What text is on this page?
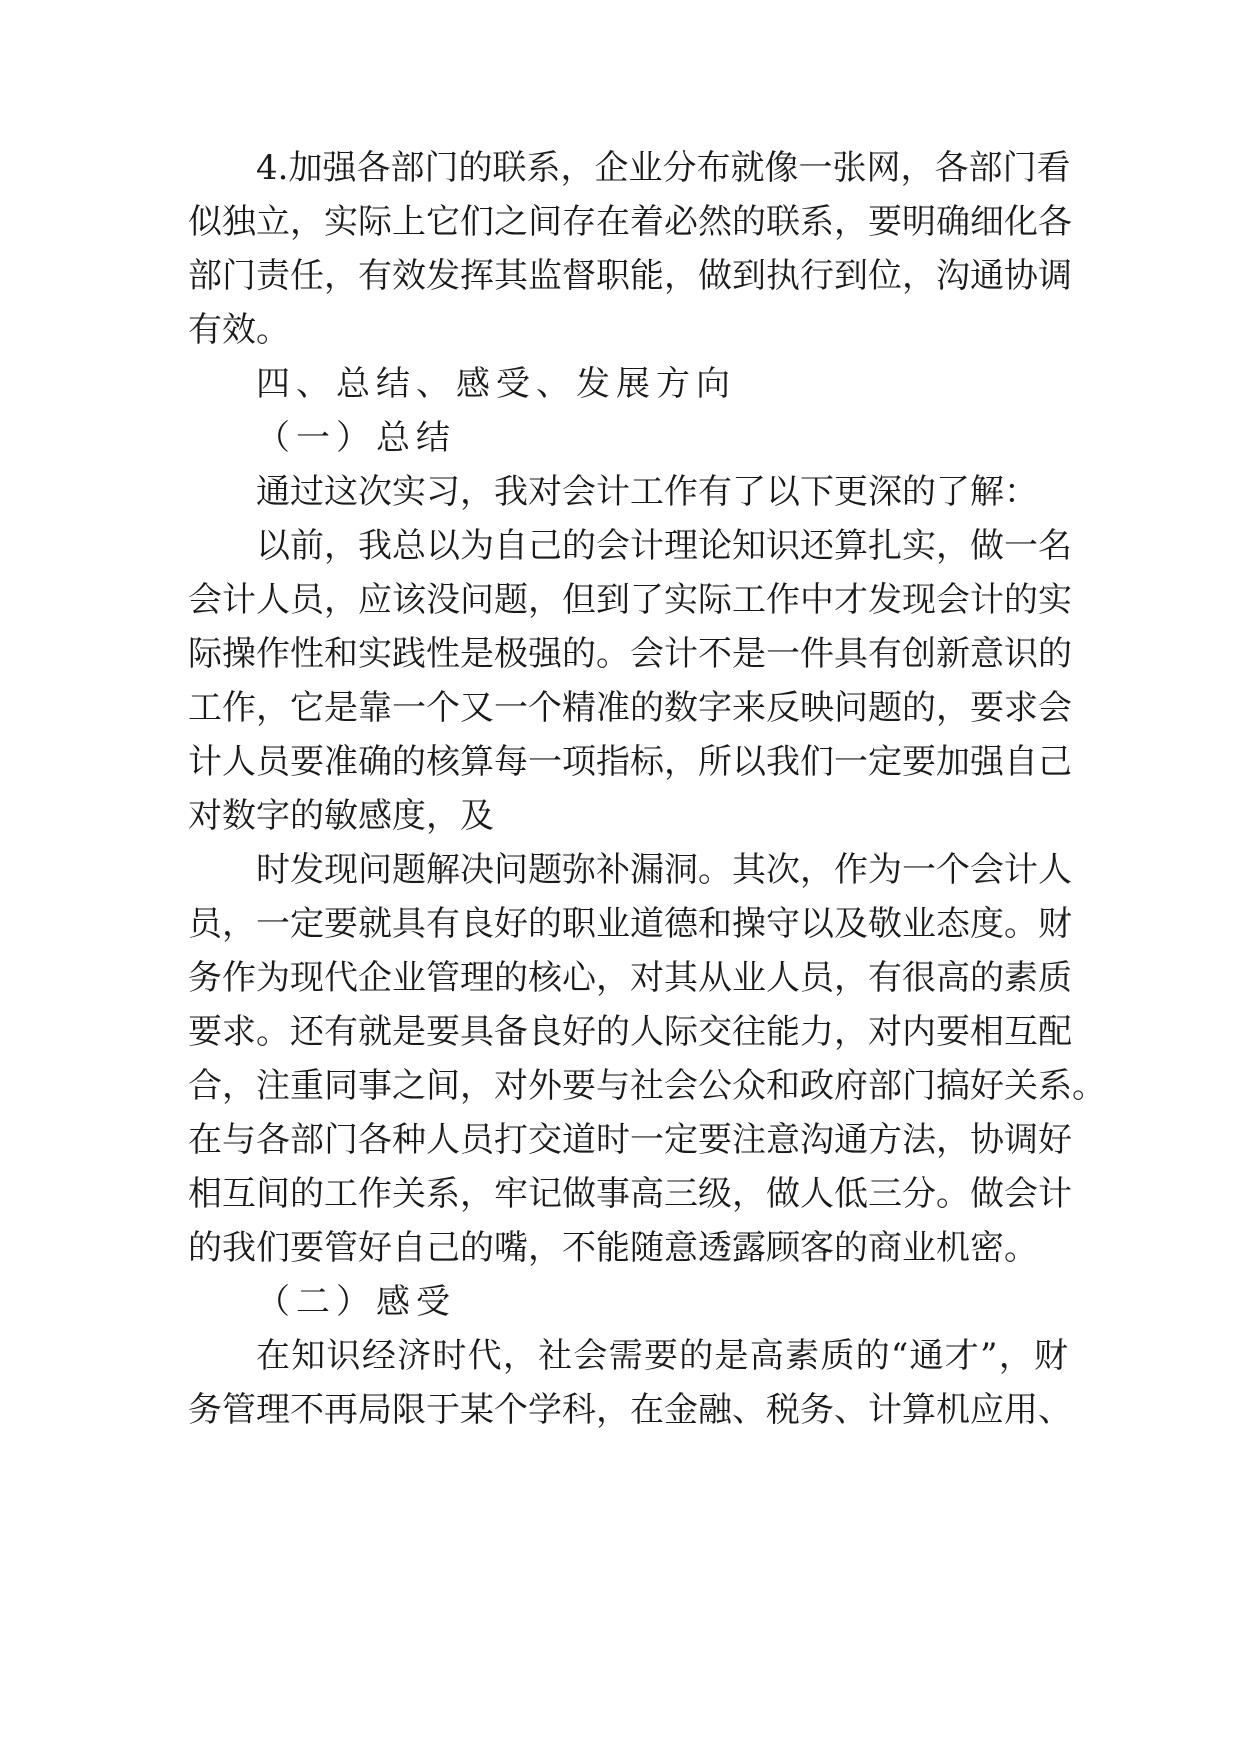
4.加强各部门的联系，企业分布就像一张网，各部门看
似独立，实际上它们之间存在着必然的联系，要明确细化各
部门责任，有效发挥其监督职能，做到执行到位，沟通协调
有效。
四、总结、感受、发展方向
（一）总结
通过这次实习，我对会计工作有了以下更深的了解：
以前，我总以为自己的会计理论知识还算扎实，做一名
会计人员，应该没问题，但到了实际工作中才发现会计的实
际操作性和实践性是极强的。会计不是一件具有创新意识的
工作，它是靠一个又一个精准的数字来反映问题的，要求会
计人员要准确的核算每一项指标，所以我们一定要加强自己
对数字的敏感度，及
时发现问题解决问题弥补漏洞。其次，作为一个会计人
员，一定要就具有良好的职业道德和操守以及敬业态度。财
务作为现代企业管理的核心，对其从业人员，有很高的素质
要求。还有就是要具备良好的人际交往能力，对内要相互配
合，注重同事之间，对外要与社会公众和政府部门搞好关系。
在与各部门各种人员打交道时一定要注意沟通方法，协调好
相互间的工作关系，牢记做事高三级，做人低三分。做会计
的我们要管好自己的嘴，不能随意透露顾客的商业机密。
（二）感受
在知识经济时代，社会需要的是高素质的“通才”，财
务管理不再局限于某个学科，在金融、税务、计算机应用、
